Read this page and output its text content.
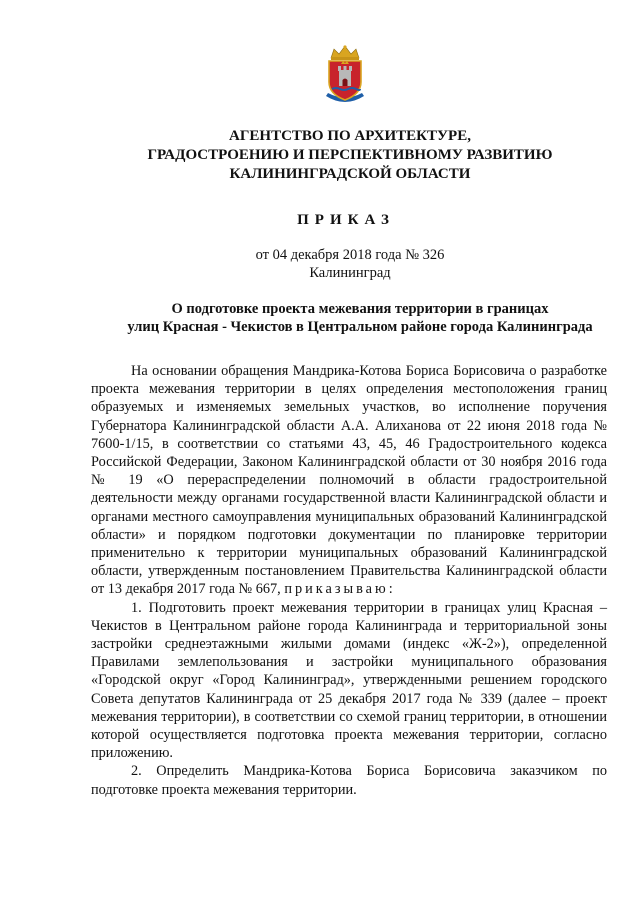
АГЕНТСТВО ПО АРХИТЕКТУРЕ,
ГРАДОСТРОЕНИЮ И ПЕРСПЕКТИВНОМУ РАЗВИТИЮ
КАЛИНИНГРАДСКОЙ ОБЛАСТИ
ПРИКАЗ
от 04 декабря 2018 года № 326
Калининград
О подготовке проекта межевания территории в границах
улиц Красная - Чекистов в Центральном районе города Калининграда

На основании обращения Мандрика-Котова Бориса Борисовича о разработке проекта межевания территории в целях определения местоположения границ образуемых и изменяемых земельных участков, во исполнение поручения Губернатора Калининградской области А.А. Алиханова от 22 июня 2018 года № 7600-1/15, в соответствии со статьями 43, 45, 46 Градостроительного кодекса Российской Федерации, Законом Калининградской области от 30 ноября 2016 года № 19 «О перераспределении полномочий в области градостроительной деятельности между органами государственной власти Калининградской области и органами местного самоуправления муниципальных образований Калининградской области» и порядком подготовки документации по планировке территории применительно к территории муниципальных образований Калининградской области, утвержденным постановлением Правительства Калининградской области от 13 декабря 2017 года № 667, приказываю:

1. Подготовить проект межевания территории в границах улиц Красная – Чекистов в Центральном районе города Калининграда и территориальной зоны застройки среднеэтажными жилыми домами (индекс «Ж-2»), определенной Правилами землепользования и застройки муниципального образования «Городской округ «Город Калининград», утвержденными решением городского Совета депутатов Калининграда от 25 декабря 2017 года № 339 (далее – проект межевания территории), в соответствии со схемой границ территории, в отношении которой осуществляется подготовка проекта межевания территории, согласно приложению.

2. Определить Мандрика-Котова Бориса Борисовича заказчиком по подготовке проекта межевания территории.
